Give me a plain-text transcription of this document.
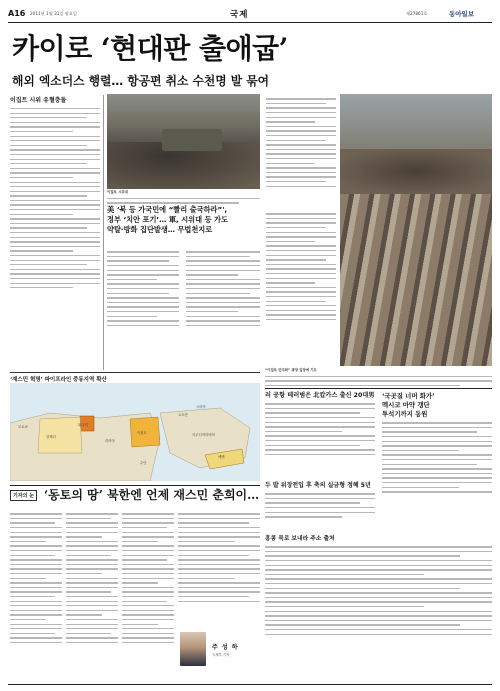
A16 2011년 1월 31일 월요일	국제	제27861호	동아일보
카이로 ‘현대판 출애굽’
해외 엑소더스 행렬… 항공편 취소 수천명 발 묶여
이집트 시위대
이집트 시위 유혈충돌
美 ‘북 등 가국민에 “빨리 출국하라”',
정부 ‘치안 포기’… 軍, 시위대 등 가도
약탈·방화 집단발생… 무법천지로
“이집트 민주화” 광장 입장에 기도
‘재스민 혁명’ 파이프라인 중동지역 확산
튀니지
알제리
리비아
이집트
수단
예멘
요르단
시리아
사우디아라비아
모로코
러 공항 테러범은 北캅카스 출신 20대男
두 발 위장전입 후 축의 실금형 정혜 5년
‘국곳질 너머 화가’
멕시코 마약 갱단
투석기까지 동원
홍콩 묵로 보내라 주소 출처
기자의 눈 ‘동토의 땅’ 북한엔 언제 재스민 춘희이…
주 성 하
국제부 기자
